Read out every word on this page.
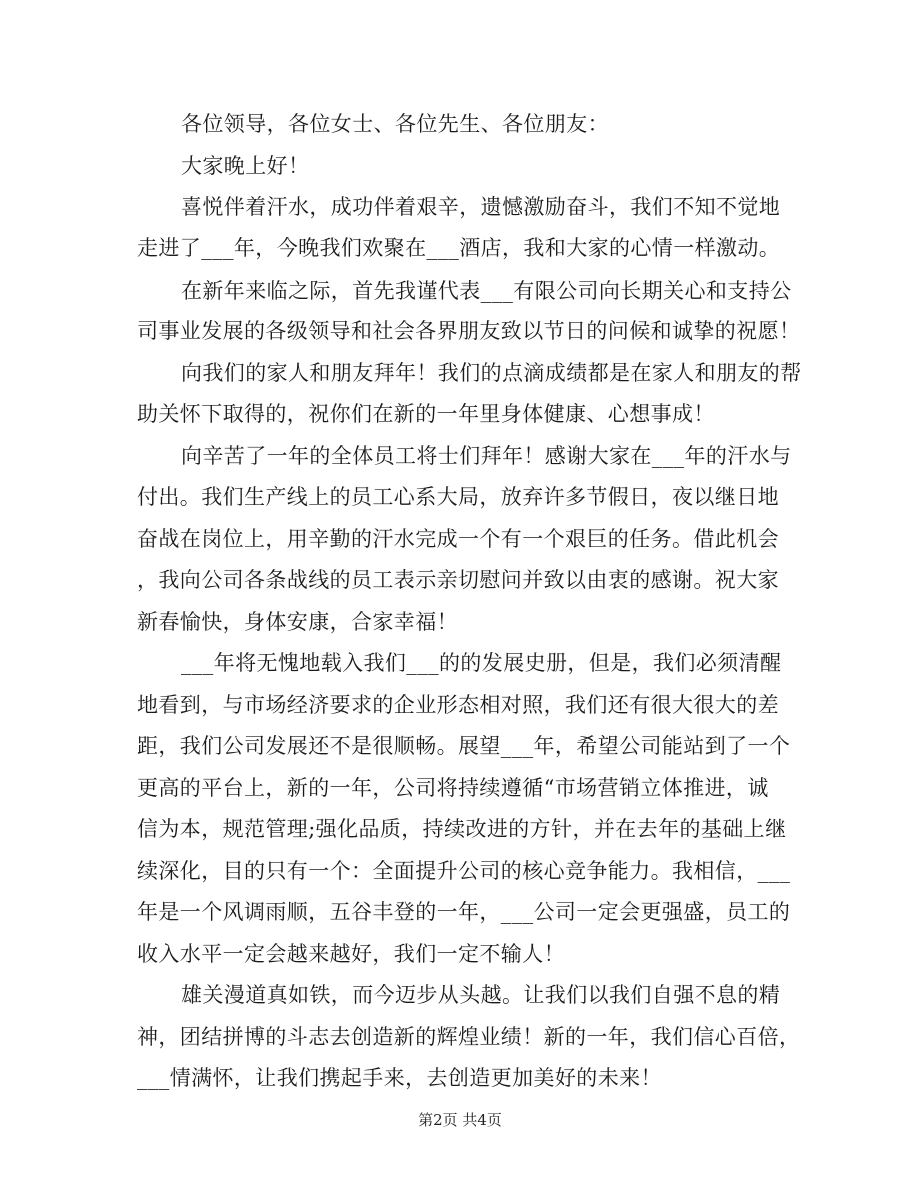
各位领导，各位女士、各位先生、各位朋友：
大家晚上好！
喜悦伴着汗水，成功伴着艰辛，遗憾激励奋斗，我们不知不觉地
走进了___年，今晚我们欢聚在___酒店，我和大家的心情一样激动。
在新年来临之际，首先我谨代表___有限公司向长期关心和支持公
司事业发展的各级领导和社会各界朋友致以节日的问候和诚挚的祝愿！
向我们的家人和朋友拜年！我们的点滴成绩都是在家人和朋友的帮
助关怀下取得的，祝你们在新的一年里身体健康、心想事成！
向辛苦了一年的全体员工将士们拜年！感谢大家在___年的汗水与
付出。我们生产线上的员工心系大局，放弃许多节假日，夜以继日地
奋战在岗位上，用辛勤的汗水完成一个有一个艰巨的任务。借此机会
，我向公司各条战线的员工表示亲切慰问并致以由衷的感谢。祝大家
新春愉快，身体安康，合家幸福！
___年将无愧地载入我们___的的发展史册，但是，我们必须清醒
地看到，与市场经济要求的企业形态相对照，我们还有很大很大的差
距，我们公司发展还不是很顺畅。展望___年，希望公司能站到了一个
更高的平台上，新的一年，公司将持续遵循“市场营销立体推进，诚
信为本，规范管理;强化品质，持续改进的方针，并在去年的基础上继
续深化，目的只有一个：全面提升公司的核心竞争能力。我相信，___
年是一个风调雨顺，五谷丰登的一年，___公司一定会更强盛，员工的
收入水平一定会越来越好，我们一定不输人！
雄关漫道真如铁，而今迈步从头越。让我们以我们自强不息的精
神，团结拼博的斗志去创造新的辉煌业绩！新的一年，我们信心百倍，
___情满怀，让我们携起手来，去创造更加美好的未来！
第2页 共4页
